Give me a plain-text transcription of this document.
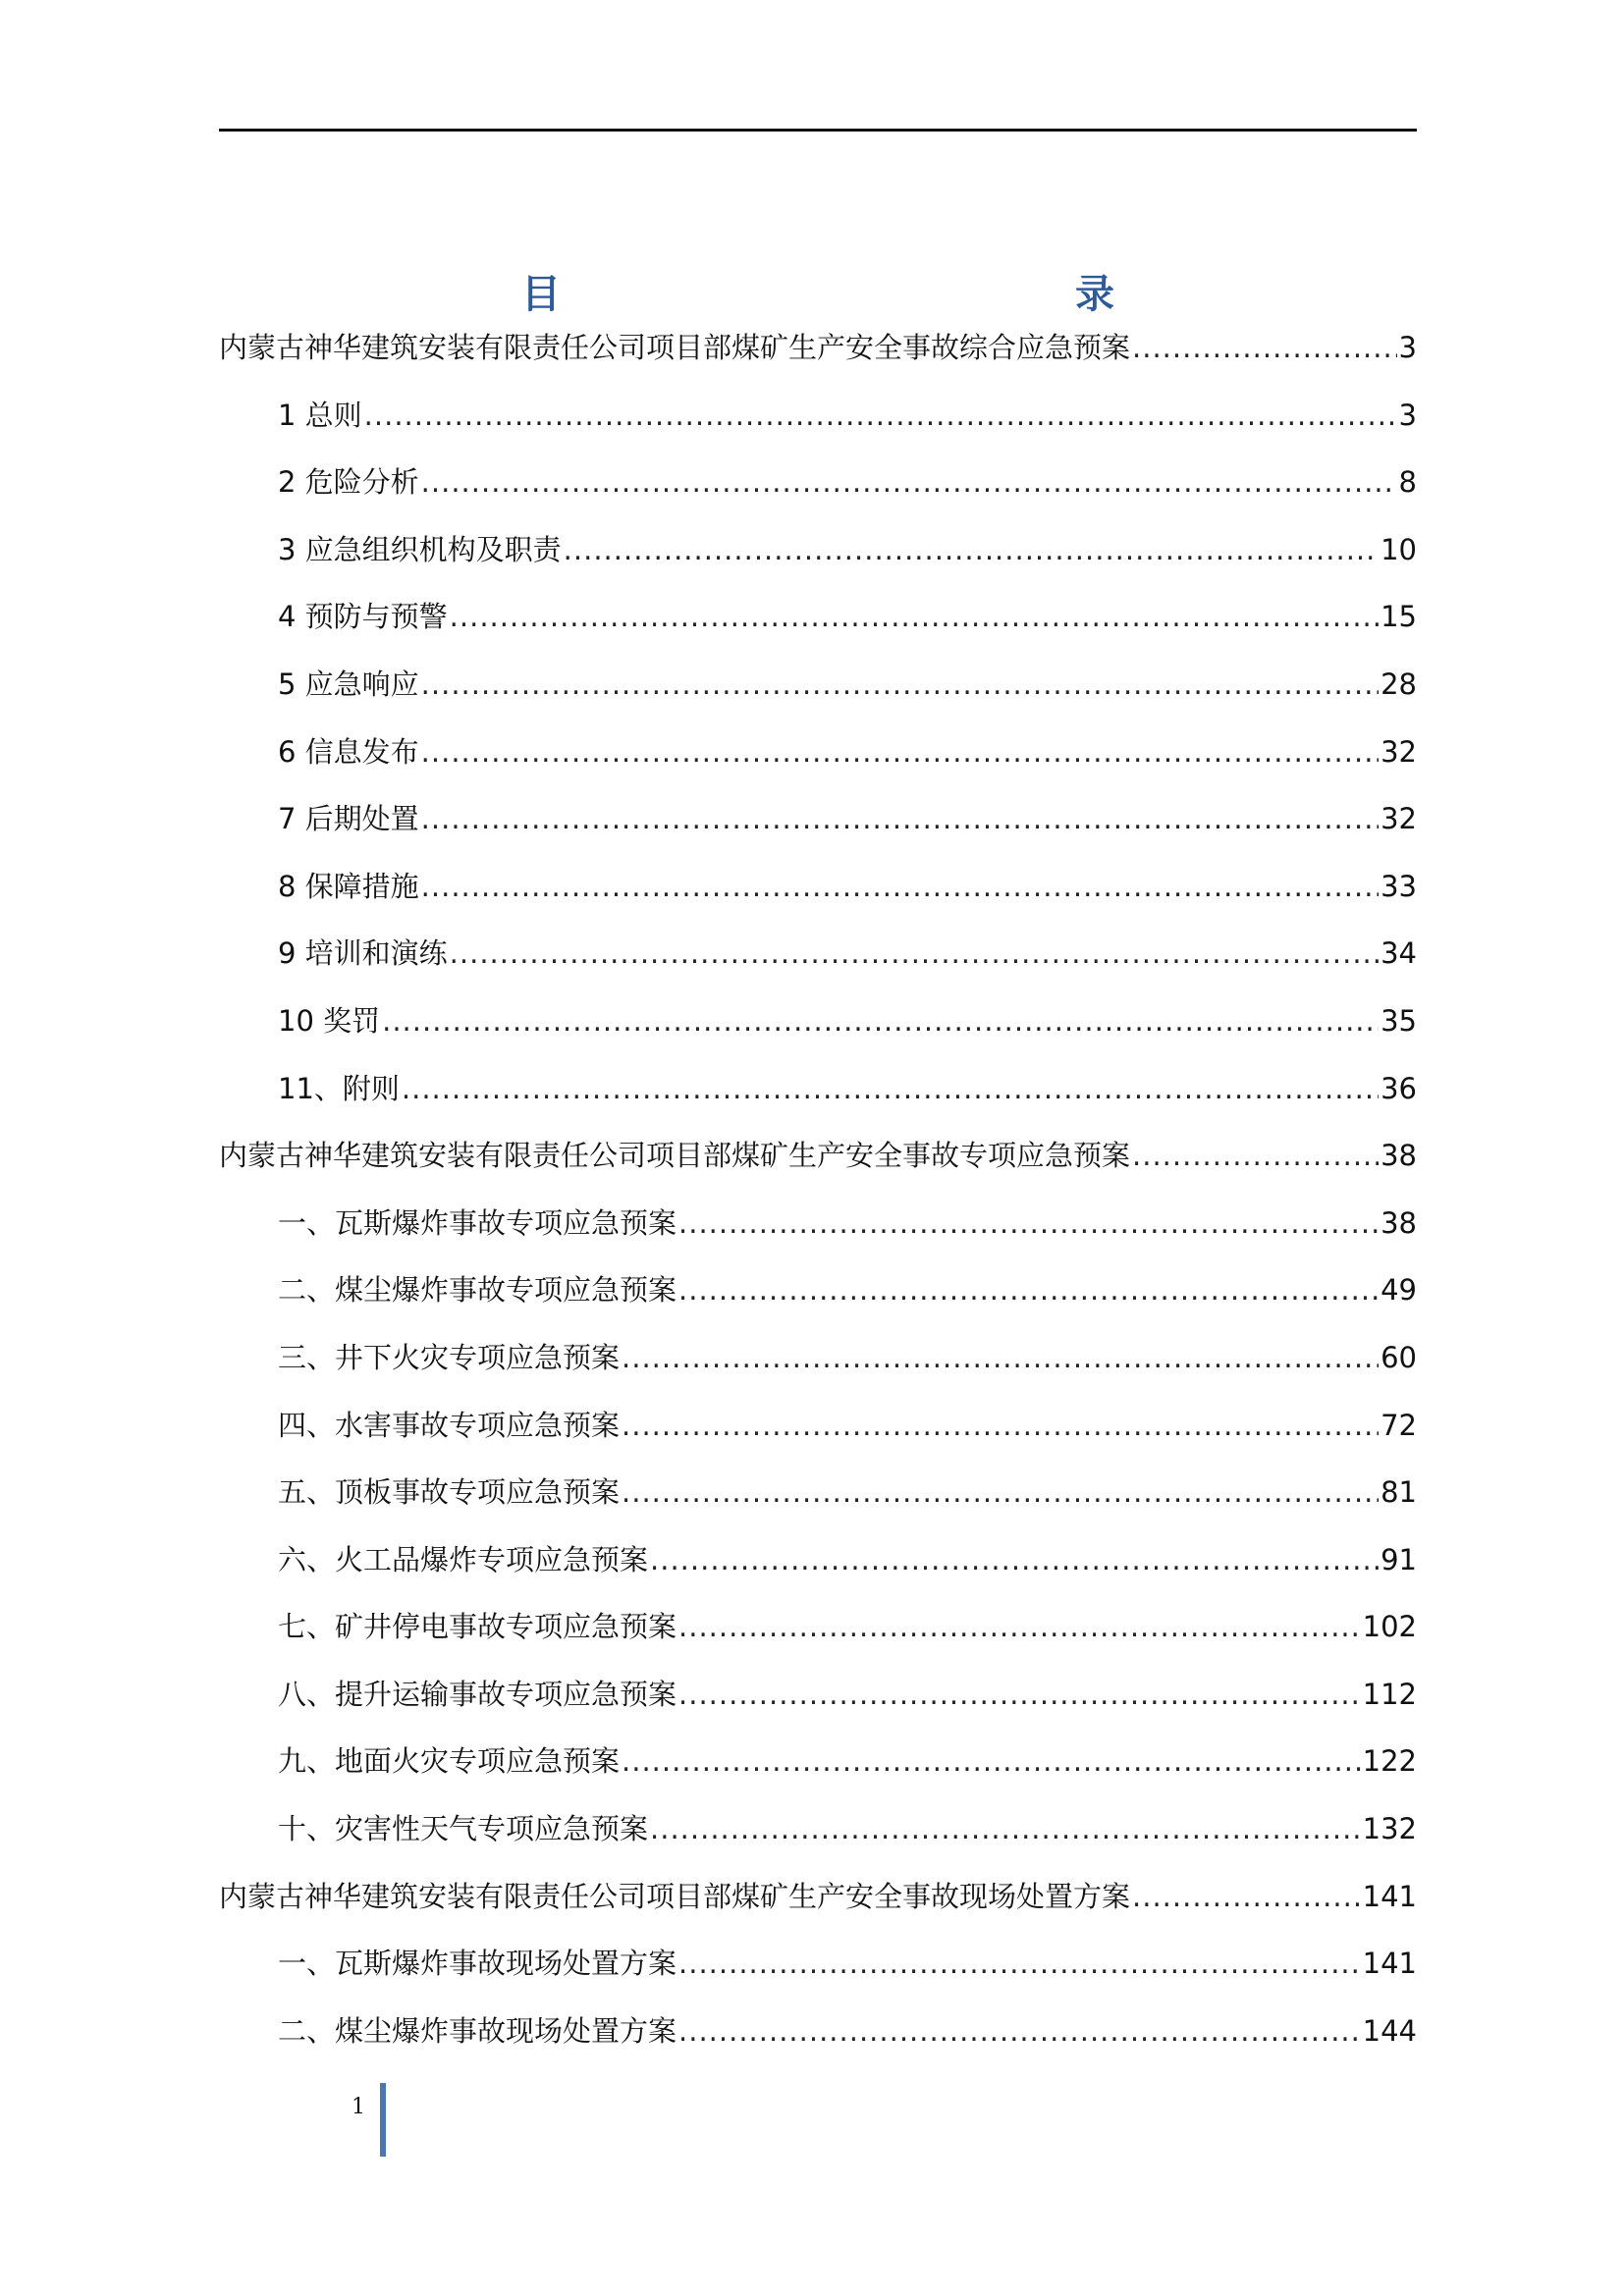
目	录
内蒙古神华建筑安装有限责任公司项目部煤矿生产安全事故综合应急预案 .....	3
1 总则 .....	3
2 危险分析 .....	8
3 应急组织机构及职责 .....	10
4 预防与预警 .....	15
5 应急响应 .....	28
6 信息发布 .....	32
7 后期处置 .....	32
8 保障措施 .....	33
9 培训和演练 .....	34
10 奖罚 .....	35
11、附则 .....	36
内蒙古神华建筑安装有限责任公司项目部煤矿生产安全事故专项应急预案 .....	38
一、瓦斯爆炸事故专项应急预案 .....	38
二、煤尘爆炸事故专项应急预案 .....	49
三、井下火灾专项应急预案 .....	60
四、水害事故专项应急预案 .....	72
五、顶板事故专项应急预案 .....	81
六、火工品爆炸专项应急预案 .....	91
七、矿井停电事故专项应急预案 .....	102
八、提升运输事故专项应急预案 .....	112
九、地面火灾专项应急预案 .....	122
十、灾害性天气专项应急预案 .....	132
内蒙古神华建筑安装有限责任公司项目部煤矿生产安全事故现场处置方案 .....	141
一、瓦斯爆炸事故现场处置方案 .....	141
二、煤尘爆炸事故现场处置方案 .....	144
1
